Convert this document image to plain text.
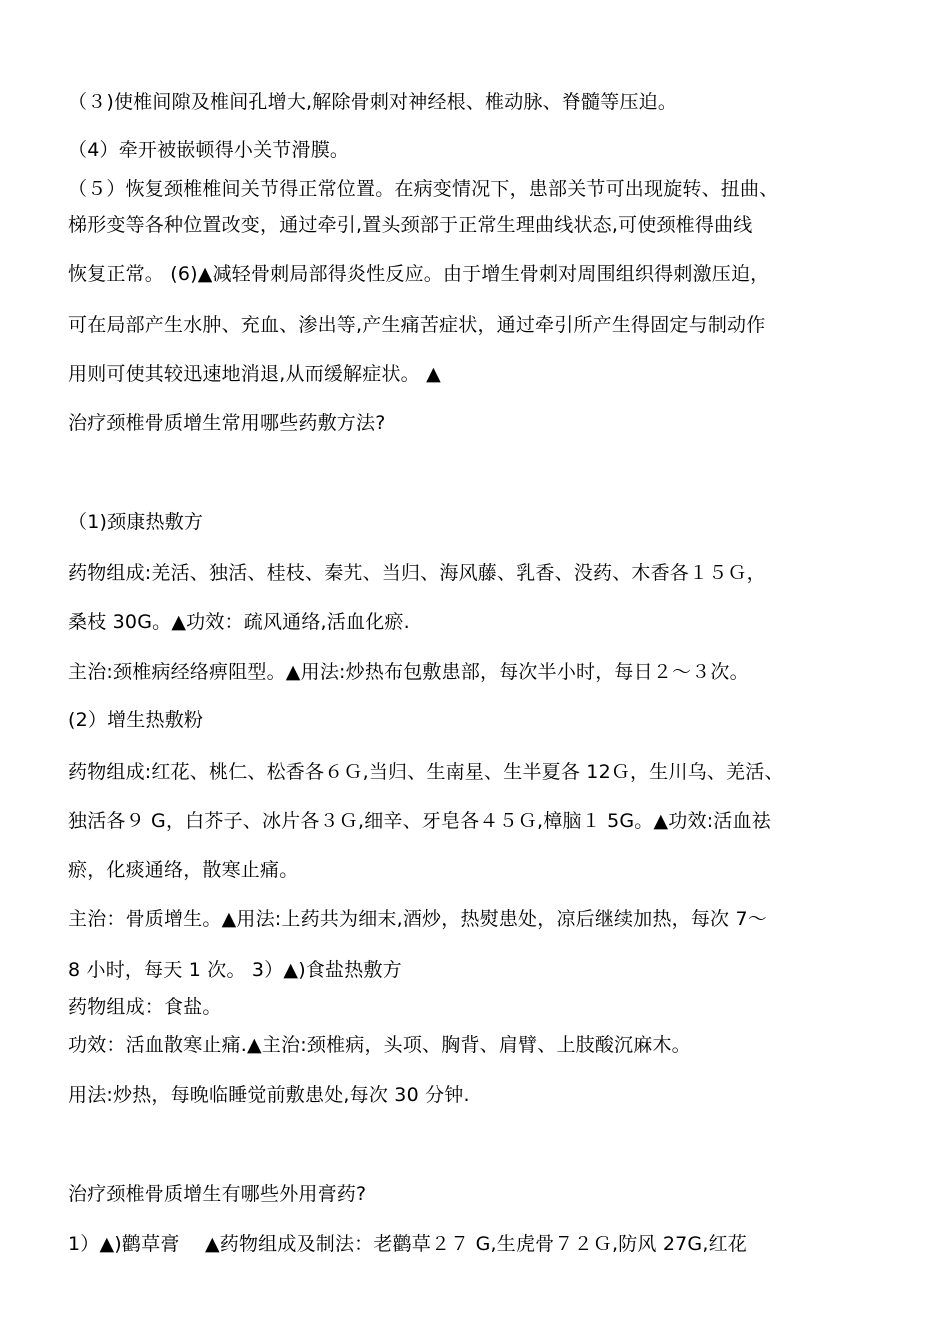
（３)使椎间隙及椎间孔增大,解除骨刺对神经根、椎动脉、脊髓等压迫。
（4）牵开被嵌顿得小关节滑膜。
（５）恢复颈椎椎间关节得正常位置。在病变情况下，患部关节可出现旋转、扭曲、
梯形变等各种位置改变，通过牵引,置头颈部于正常生理曲线状态,可使颈椎得曲线
恢复正常。 (6)▲减轻骨刺局部得炎性反应。由于增生骨刺对周围组织得刺激压迫，
可在局部产生水肿、充血、渗出等,产生痛苦症状，通过牵引所产生得固定与制动作
用则可使其较迅速地消退,从而缓解症状。 ▲
治疗颈椎骨质增生常用哪些药敷方法?
（1)颈康热敷方
药物组成:羌活、独活、桂枝、秦艽、当归、海风藤、乳香、没药、木香各１５Ｇ，
桑枝 30G。▲功效：疏风通络,活血化瘀.
主治:颈椎病经络痹阻型。▲用法:炒热布包敷患部，每次半小时，每日２～３次。
(2）增生热敷粉
药物组成:红花、桃仁、松香各６Ｇ,当归、生南星、生半夏各 12Ｇ，生川乌、羌活、
独活各９ G，白芥子、冰片各３Ｇ,细辛、牙皂各４５Ｇ,樟脑１ 5G。▲功效:活血祛
瘀，化痰通络，散寒止痛。
主治：骨质增生。▲用法:上药共为细末,酒炒，热熨患处，凉后继续加热，每次 7～
8 小时，每天 1 次。 3）▲)食盐热敷方
药物组成：食盐。
功效：活血散寒止痛.▲主治:颈椎病，头项、胸背、肩臂、上肢酸沉麻木。
用法:炒热，每晚临睡觉前敷患处,每次 30 分钟.
治疗颈椎骨质增生有哪些外用膏药?
1）▲)鹳草膏　 ▲药物组成及制法：老鹳草２７ G,生虎骨７２Ｇ,防风 27G,红花
